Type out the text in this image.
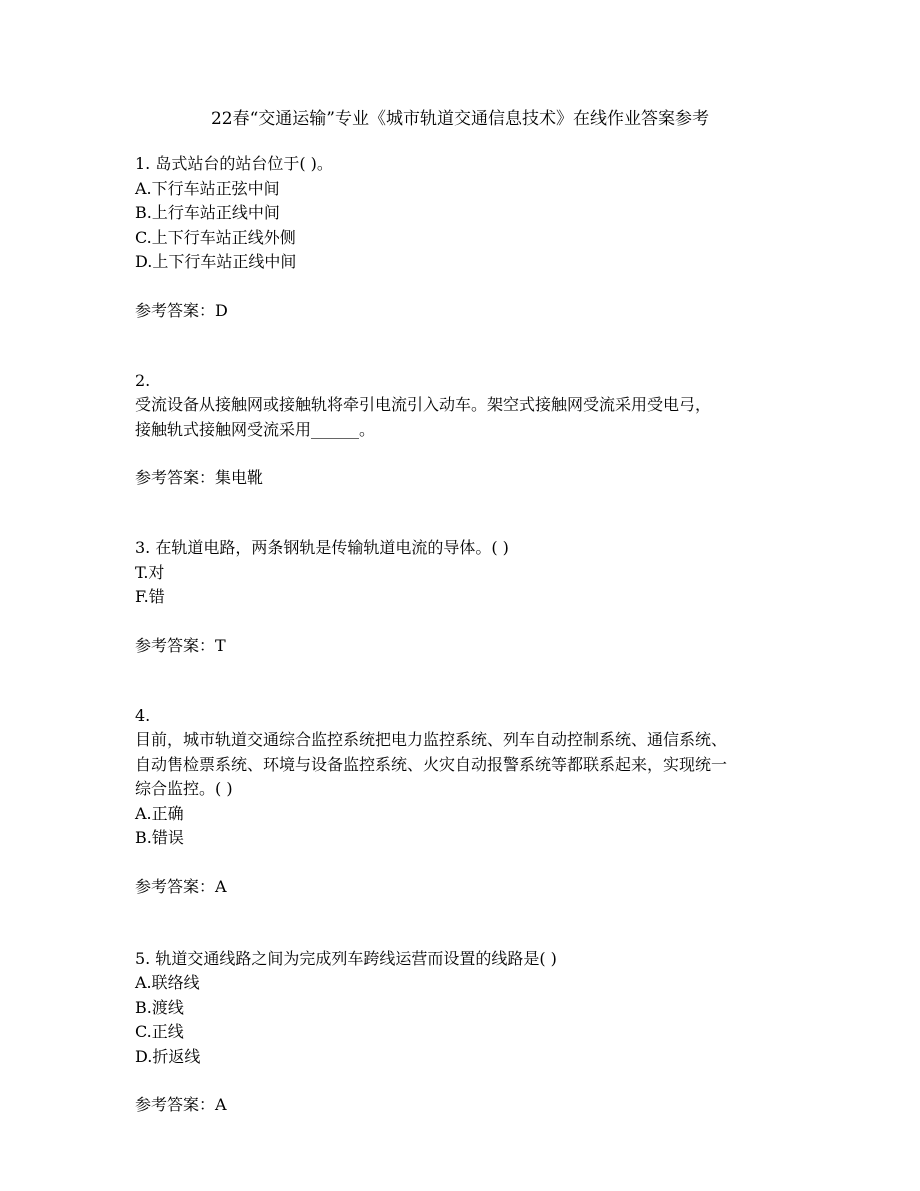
22春“交通运输”专业《城市轨道交通信息技术》在线作业答案参考
1. 岛式站台的站台位于( )。
A.下行车站正弦中间
B.上行车站正线中间
C.上下行车站正线外侧
D.上下行车站正线中间
参考答案：D
2.
受流设备从接触网或接触轨将牵引电流引入动车。架空式接触网受流采用受电弓，
接触轨式接触网受流采用______。
参考答案：集电靴
3. 在轨道电路，两条钢轨是传输轨道电流的导体。( )
T.对
F.错
参考答案：T
4.
目前，城市轨道交通综合监控系统把电力监控系统、列车自动控制系统、通信系统、
自动售检票系统、环境与设备监控系统、火灾自动报警系统等都联系起来，实现统一
综合监控。( )
A.正确
B.错误
参考答案：A
5. 轨道交通线路之间为完成列车跨线运营而设置的线路是( )
A.联络线
B.渡线
C.正线
D.折返线
参考答案：A
